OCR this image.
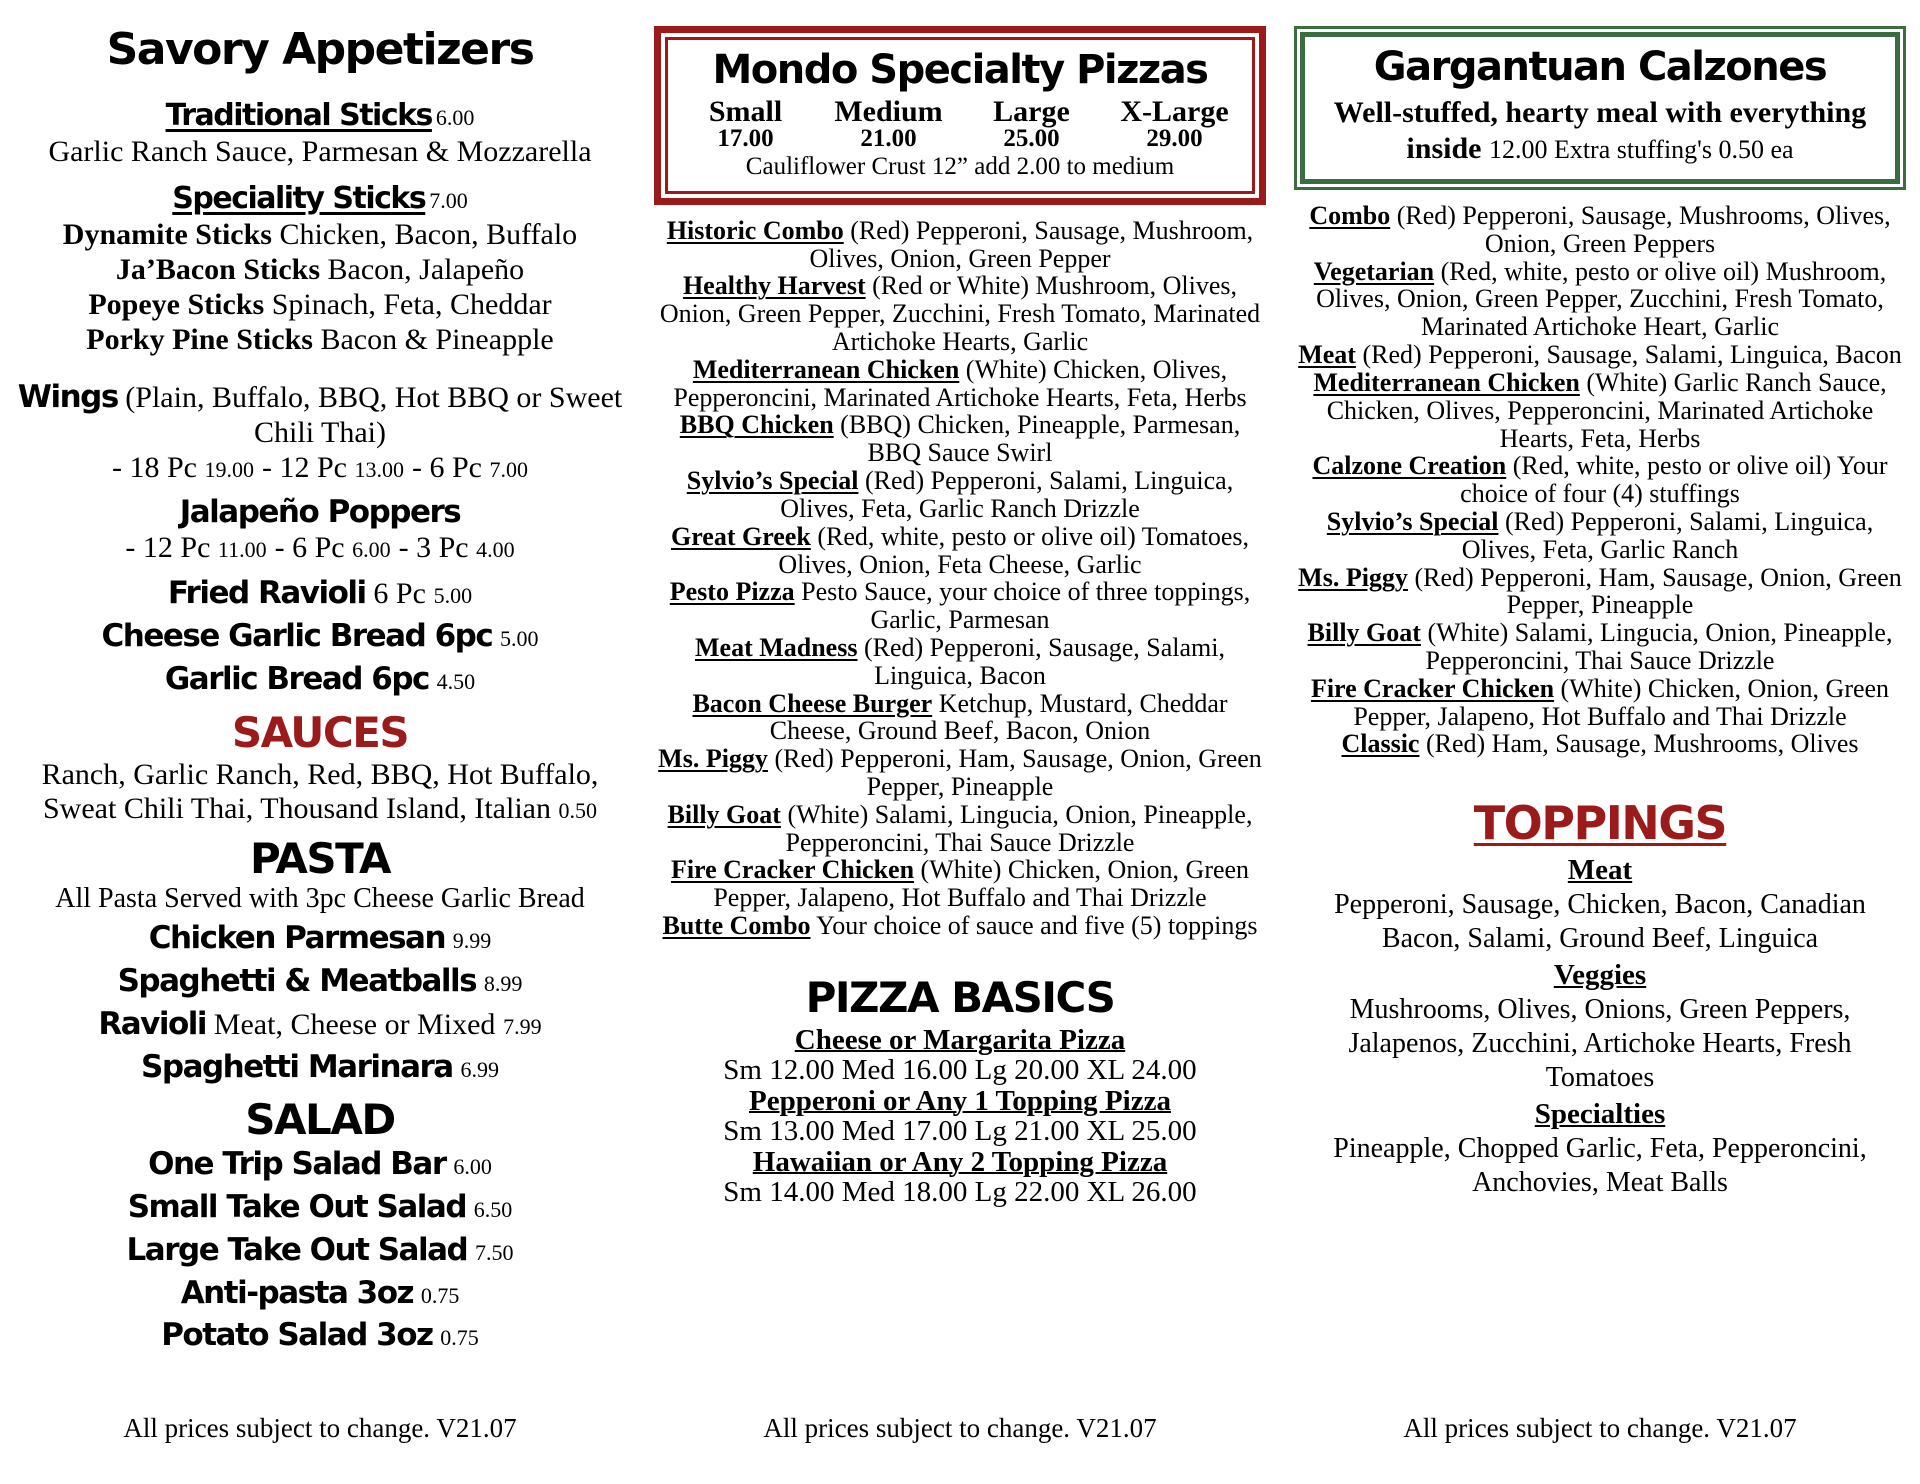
Savory Appetizers
Traditional Sticks 6.00
Garlic Ranch Sauce, Parmesan & Mozzarella
Speciality Sticks 7.00
Dynamite Sticks Chicken, Bacon, Buffalo
Ja’Bacon Sticks Bacon, Jalapeño
Popeye Sticks Spinach, Feta, Cheddar
Porky Pine Sticks Bacon & Pineapple
Wings (Plain, Buffalo, BBQ, Hot BBQ or Sweet Chili Thai)
- 18 Pc 19.00 - 12 Pc 13.00 - 6 Pc 7.00
Jalapeño Poppers
- 12 Pc 11.00 - 6 Pc 6.00 - 3 Pc 4.00
Fried Ravioli 6 Pc 5.00
Cheese Garlic Bread 6pc 5.00
Garlic Bread 6pc 4.50
SAUCES
Ranch, Garlic Ranch, Red, BBQ, Hot Buffalo, Sweat Chili Thai, Thousand Island, Italian 0.50
PASTA
All Pasta Served with 3pc Cheese Garlic Bread
Chicken Parmesan 9.99
Spaghetti & Meatballs 8.99
Ravioli Meat, Cheese or Mixed 7.99
Spaghetti Marinara 6.99
SALAD
One Trip Salad Bar 6.00
Small Take Out Salad 6.50
Large Take Out Salad 7.50
Anti-pasta 3oz 0.75
Potato Salad 3oz 0.75

All prices subject to change. V21.07

Mondo Specialty Pizzas
Small
17.00
Medium
21.00
Large
25.00
X-Large
29.00

Cauliflower Crust 12” add 2.00 to medium

Historic Combo (Red) Pepperoni, Sausage, Mushroom, Olives, Onion, Green Pepper
Healthy Harvest (Red or White) Mushroom, Olives, Onion, Green Pepper, Zucchini, Fresh Tomato, Marinated Artichoke Hearts, Garlic
Mediterranean Chicken (White) Chicken, Olives, Pepperoncini, Marinated Artichoke Hearts, Feta, Herbs
BBQ Chicken (BBQ) Chicken, Pineapple, Parmesan, BBQ Sauce Swirl
Sylvio’s Special (Red) Pepperoni, Salami, Linguica, Olives, Feta, Garlic Ranch Drizzle
Great Greek (Red, white, pesto or olive oil) Tomatoes, Olives, Onion, Feta Cheese, Garlic
Pesto Pizza Pesto Sauce, your choice of three toppings, Garlic, Parmesan
Meat Madness (Red) Pepperoni, Sausage, Salami, Linguica, Bacon
Bacon Cheese Burger Ketchup, Mustard, Cheddar Cheese, Ground Beef, Bacon, Onion
Ms. Piggy (Red) Pepperoni, Ham, Sausage, Onion, Green Pepper, Pineapple
Billy Goat (White) Salami, Lingucia, Onion, Pineapple, Pepperoncini, Thai Sauce Drizzle
Fire Cracker Chicken (White) Chicken, Onion, Green Pepper, Jalapeno, Hot Buffalo and Thai Drizzle
Butte Combo Your choice of sauce and five (5) toppings
PIZZA BASICS
Cheese or Margarita Pizza
Sm 12.00 Med 16.00 Lg 20.00 XL 24.00
Pepperoni or Any 1 Topping Pizza
Sm 13.00 Med 17.00 Lg 21.00 XL 25.00
Hawaiian or Any 2 Topping Pizza
Sm 14.00 Med 18.00 Lg 22.00 XL 26.00

All prices subject to change. V21.07

Gargantuan Calzones
Well-stuffed, hearty meal with everything inside 12.00 Extra stuffing's 0.50 ea
Combo (Red) Pepperoni, Sausage, Mushrooms, Olives, Onion, Green Peppers
Vegetarian (Red, white, pesto or olive oil) Mushroom, Olives, Onion, Green Pepper, Zucchini, Fresh Tomato, Marinated Artichoke Heart, Garlic
Meat (Red) Pepperoni, Sausage, Salami, Linguica, Bacon
Mediterranean Chicken (White) Garlic Ranch Sauce, Chicken, Olives, Pepperoncini, Marinated Artichoke Hearts, Feta, Herbs
Calzone Creation (Red, white, pesto or olive oil) Your choice of four (4) stuffings
Sylvio’s Special (Red) Pepperoni, Salami, Linguica, Olives, Feta, Garlic Ranch
Ms. Piggy (Red) Pepperoni, Ham, Sausage, Onion, Green Pepper, Pineapple
Billy Goat (White) Salami, Lingucia, Onion, Pineapple, Pepperoncini, Thai Sauce Drizzle
Fire Cracker Chicken (White) Chicken, Onion, Green Pepper, Jalapeno, Hot Buffalo and Thai Drizzle
Classic (Red) Ham, Sausage, Mushrooms, Olives
TOPPINGS
Meat
Pepperoni, Sausage, Chicken, Bacon, Canadian Bacon, Salami, Ground Beef, Linguica
Veggies
Mushrooms, Olives, Onions, Green Peppers, Jalapenos, Zucchini, Artichoke Hearts, Fresh Tomatoes
Specialties
Pineapple, Chopped Garlic, Feta, Pepperoncini, Anchovies, Meat Balls

All prices subject to change. V21.07
